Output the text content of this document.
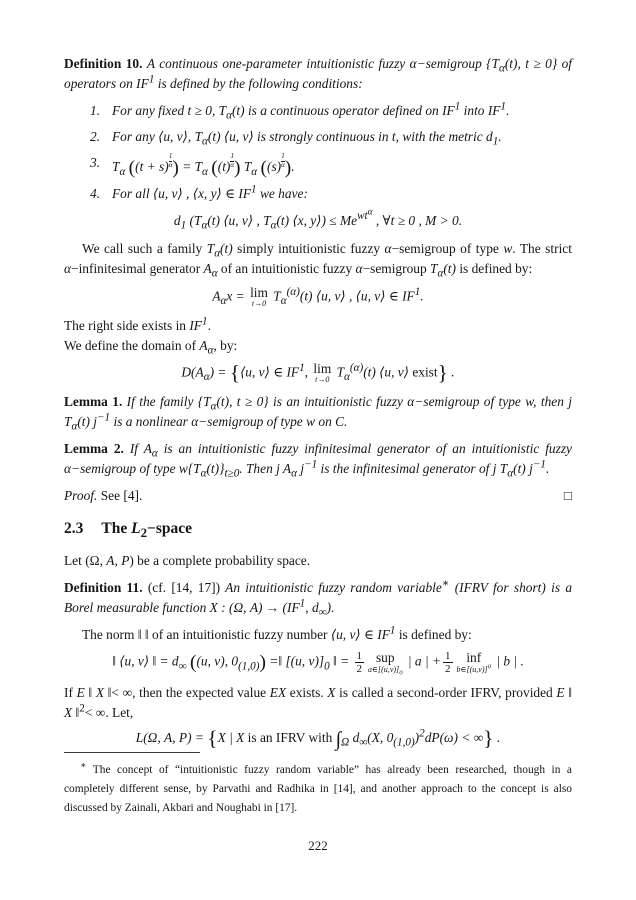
Definition 10. A continuous one-parameter intuitionistic fuzzy α−semigroup {$T_\alpha(t)$, t ≥ 0} of operators on $IF^1$ is defined by the following conditions:

1. For any fixed t ≥ 0, $T_\alpha(t)$ is a continuous operator defined on $IF^1$ into $IF^1$.
2. For any ⟨u, v⟩, $T_\alpha(t)$ ⟨u, v⟩ is strongly continuous in t, with the metric $d_1$.
3. $T_\alpha$ ($(t + s) \frac{1}{\alpha}$ ) = $T_\alpha$ ($(t) \frac{1}{\alpha}$ ) $T_\alpha$ ($(s) \frac{1}{\alpha}$ ).
4. For all ⟨u, v⟩ , ⟨x, y⟩ ∈ $IF^1$ we have:
$d_1$ ($T_\alpha(t)$ ⟨u, v⟩ , $T_\alpha(t)$ ⟨x, y⟩) ≤ $Me^{wt^\alpha}$ , ∀t ≥ 0 , M > 0.

We call such a family $T_\alpha(t)$ simply intuitionistic fuzzy α−semigroup of type w. The strict α−infinitesimal generator $A_\alpha$ of an intuitionistic fuzzy α−semigroup $T_\alpha(t)$ is defined by:

$A_\alpha x = \lim$
t→0
$T_\alpha^{(\alpha)}(t)$ ⟨u, v⟩ , ⟨u, v⟩ ∈ $IF^1$.

The right side exists in $IF^1$.

We define the domain of $A_\alpha$, by:

$D(A_\alpha)$ = {⟨u, v⟩ ∈ $IF^1$, lim
t→0
$T_\alpha^{(\alpha)}(t)$ ⟨u, v⟩ exist} .

Lemma 1. If the family {$T_\alpha(t)$, t ≥ 0} is an intuitionistic fuzzy α−semigroup of type w, then j $T_\alpha(t)$ $j^{-1}$ is a nonlinear α−semigroup of type w on C.

Lemma 2. If $A_\alpha$ is an intuitionistic fuzzy infinitesimal generator of an intuitionistic fuzzy α−semigroup of type $w\{T_\alpha(t)\}_{t\ge 0}$. Then j $A_\alpha$ $j^{-1}$ is the infinitesimal generator of j $T_\alpha(t)$ $j^{-1}$.

Proof. See [4].	□
2.3 The $L_2-space$

Let (Ω, A, P) be a complete probability space.

Definition 11. (cf. [14, 17]) An intuitionistic fuzzy random variable∗ (IFRV for short) is a Borel measurable function X : (Ω, $A) \to (IF^1$, $d_\infty$).

The norm ‖ ‖ of an intuitionistic fuzzy number ⟨u, v⟩ ∈ $IF^1$ is defined by:

‖ ⟨u, v⟩ ‖ = $d_\infty$ ((u, v), $0_{(1,0)}$) =‖ [(u, $v)]_0$ ‖ = $\frac{1}{2}$ sup
$a\in[(u,v)]_0$
| a | + $\frac{1}{2}$	inf
$b\in[(u,v)]^0$ | b | .

If E ‖ X ‖< ∞, then the expected value EX exists. X is called a second-order IFRV, provided E ‖ X ‖$^2$< ∞. Let,

L(Ω, A, P) = {X | X is an IFRV with $\int_\Omega$ $d_\infty(X$, $0_{(1,0)})^2dP(\omega)$ < ∞} .

∗ The concept of “intuitionistic fuzzy random variable” has already been researched, though in a completely different sense, by Parvathi and Radhika in [14], and another approach to the concept is also discussed by Zainali, Akbari and Noughabi in [17].

222
